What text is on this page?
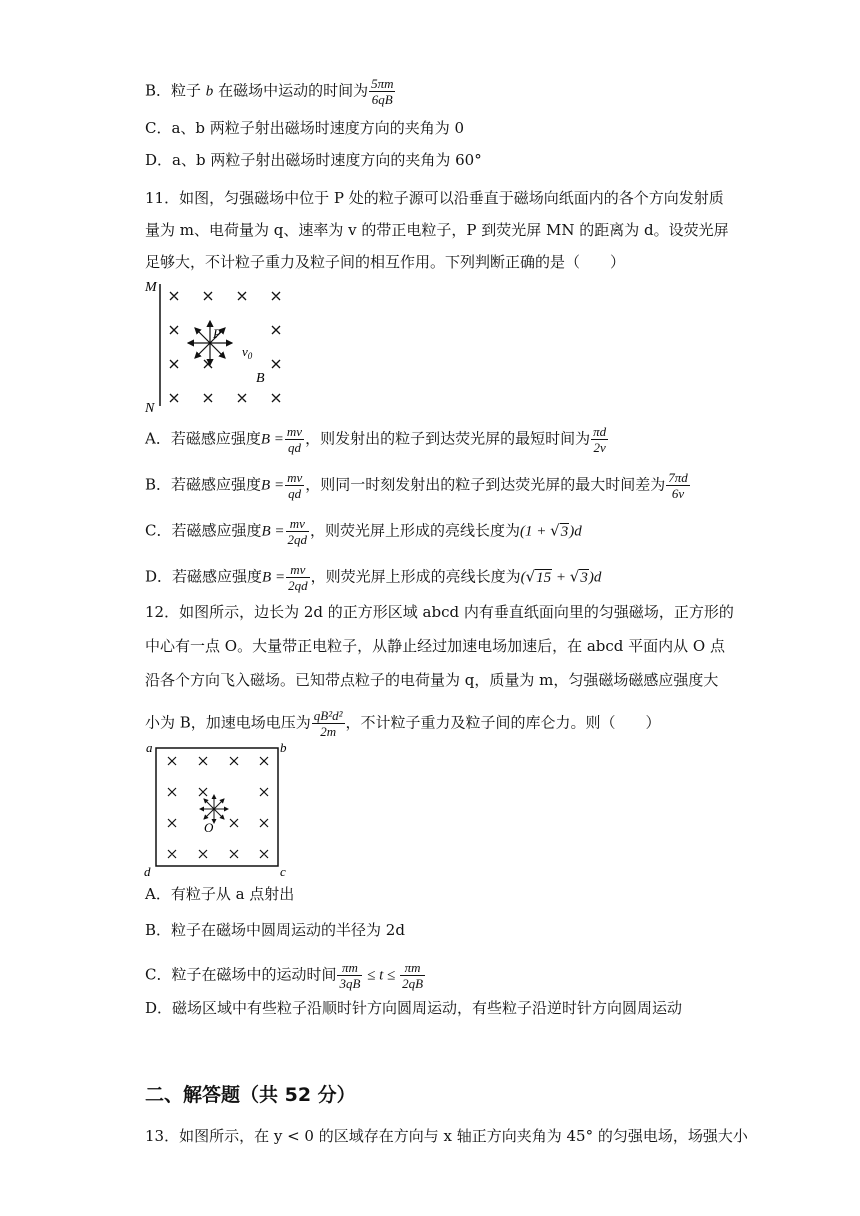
B．粒子 b 在磁场中运动的时间为 $\frac{5\pi m}{6qB}$
C．a、b 两粒子射出磁场时速度方向的夹角为 0
D．a、b 两粒子射出磁场时速度方向的夹角为 60°
11．如图，匀强磁场中位于 P 处的粒子源可以沿垂直于磁场向纸面内的各个方向发射质
量为 m、电荷量为 q、速率为 v 的带正电粒子，P 到荧光屏 MN 的距离为 d。设荧光屏
足够大，不计粒子重力及粒子间的相互作用。下列判断正确的是（　　）
M
N
P
$v_0$
B
A．若磁感应强度$B = \frac{mv}{qd}$ ，则发射出的粒子到达荧光屏的最短时间为 $\frac{\pi d}{2v}$
B．若磁感应强度$B = \frac{mv}{qd}$ ，则同一时刻发射出的粒子到达荧光屏的最大时间差为 $\frac{7\pi d}{6v}$
C．若磁感应强度$B = \frac{mv}{2qd}$ ，则荧光屏上形成的亮线长度为(1 + √3)d
D．若磁感应强度$B = \frac{mv}{2qd}$ ，则荧光屏上形成的亮线长度为(√15 + √3)d
12．如图所示，边长为 2d 的正方形区域 abcd 内有垂直纸面向里的匀强磁场，正方形的
中心有一点 O。大量带正电粒子，从静止经过加速电场加速后，在 abcd 平面内从 O 点
沿各个方向飞入磁场。已知带点粒子的电荷量为 q，质量为 m，匀强磁场磁感应强度大
小为 B，加速电场电压为 $\frac{\text{qB²d²}}{2m}$ ，不计粒子重力及粒子间的库仑力。则（　　）
a	b
c
d
O
A．有粒子从 a 点射出
B．粒子在磁场中圆周运动的半径为 2d
C．粒子在磁场中的运动时间 $\frac{\pi m}{3qB} \le t \le \frac{\pi m}{2qB}$
D．磁场区域中有些粒子沿顺时针方向圆周运动，有些粒子沿逆时针方向圆周运动
二、解答题（共 52 分）
13．如图所示，在 y < 0 的区域存在方向与 x 轴正方向夹角为 45° 的匀强电场，场强大小
